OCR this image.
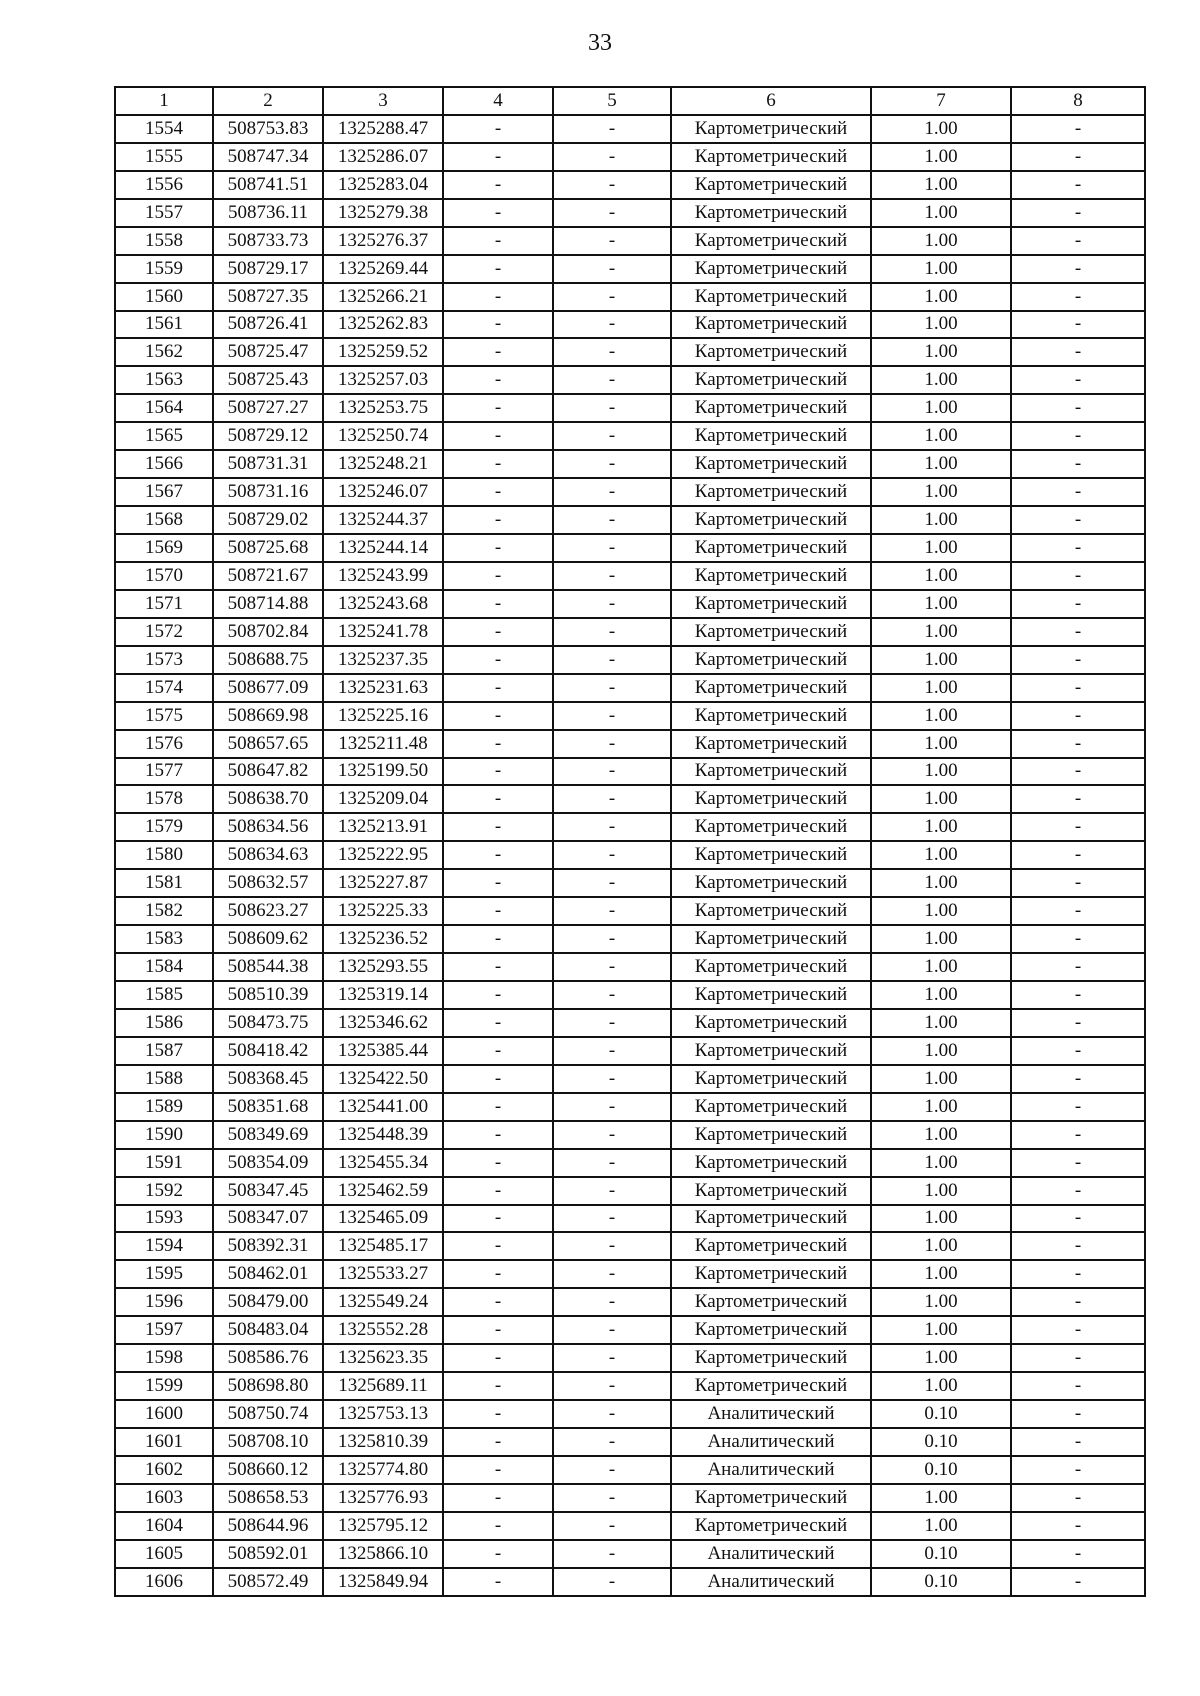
33
1	2	3	4	5	6	7	8
1554	508753.83	1325288.47	-	-	Картометрический	1.00	-
1555	508747.34	1325286.07	-	-	Картометрический	1.00	-
1556	508741.51	1325283.04	-	-	Картометрический	1.00	-
1557	508736.11	1325279.38	-	-	Картометрический	1.00	-
1558	508733.73	1325276.37	-	-	Картометрический	1.00	-
1559	508729.17	1325269.44	-	-	Картометрический	1.00	-
1560	508727.35	1325266.21	-	-	Картометрический	1.00	-
1561	508726.41	1325262.83	-	-	Картометрический	1.00	-
1562	508725.47	1325259.52	-	-	Картометрический	1.00	-
1563	508725.43	1325257.03	-	-	Картометрический	1.00	-
1564	508727.27	1325253.75	-	-	Картометрический	1.00	-
1565	508729.12	1325250.74	-	-	Картометрический	1.00	-
1566	508731.31	1325248.21	-	-	Картометрический	1.00	-
1567	508731.16	1325246.07	-	-	Картометрический	1.00	-
1568	508729.02	1325244.37	-	-	Картометрический	1.00	-
1569	508725.68	1325244.14	-	-	Картометрический	1.00	-
1570	508721.67	1325243.99	-	-	Картометрический	1.00	-
1571	508714.88	1325243.68	-	-	Картометрический	1.00	-
1572	508702.84	1325241.78	-	-	Картометрический	1.00	-
1573	508688.75	1325237.35	-	-	Картометрический	1.00	-
1574	508677.09	1325231.63	-	-	Картометрический	1.00	-
1575	508669.98	1325225.16	-	-	Картометрический	1.00	-
1576	508657.65	1325211.48	-	-	Картометрический	1.00	-
1577	508647.82	1325199.50	-	-	Картометрический	1.00	-
1578	508638.70	1325209.04	-	-	Картометрический	1.00	-
1579	508634.56	1325213.91	-	-	Картометрический	1.00	-
1580	508634.63	1325222.95	-	-	Картометрический	1.00	-
1581	508632.57	1325227.87	-	-	Картометрический	1.00	-
1582	508623.27	1325225.33	-	-	Картометрический	1.00	-
1583	508609.62	1325236.52	-	-	Картометрический	1.00	-
1584	508544.38	1325293.55	-	-	Картометрический	1.00	-
1585	508510.39	1325319.14	-	-	Картометрический	1.00	-
1586	508473.75	1325346.62	-	-	Картометрический	1.00	-
1587	508418.42	1325385.44	-	-	Картометрический	1.00	-
1588	508368.45	1325422.50	-	-	Картометрический	1.00	-
1589	508351.68	1325441.00	-	-	Картометрический	1.00	-
1590	508349.69	1325448.39	-	-	Картометрический	1.00	-
1591	508354.09	1325455.34	-	-	Картометрический	1.00	-
1592	508347.45	1325462.59	-	-	Картометрический	1.00	-
1593	508347.07	1325465.09	-	-	Картометрический	1.00	-
1594	508392.31	1325485.17	-	-	Картометрический	1.00	-
1595	508462.01	1325533.27	-	-	Картометрический	1.00	-
1596	508479.00	1325549.24	-	-	Картометрический	1.00	-
1597	508483.04	1325552.28	-	-	Картометрический	1.00	-
1598	508586.76	1325623.35	-	-	Картометрический	1.00	-
1599	508698.80	1325689.11	-	-	Картометрический	1.00	-
1600	508750.74	1325753.13	-	-	Аналитический	0.10	-
1601	508708.10	1325810.39	-	-	Аналитический	0.10	-
1602	508660.12	1325774.80	-	-	Аналитический	0.10	-
1603	508658.53	1325776.93	-	-	Картометрический	1.00	-
1604	508644.96	1325795.12	-	-	Картометрический	1.00	-
1605	508592.01	1325866.10	-	-	Аналитический	0.10	-
1606	508572.49	1325849.94	-	-	Аналитический	0.10	-
